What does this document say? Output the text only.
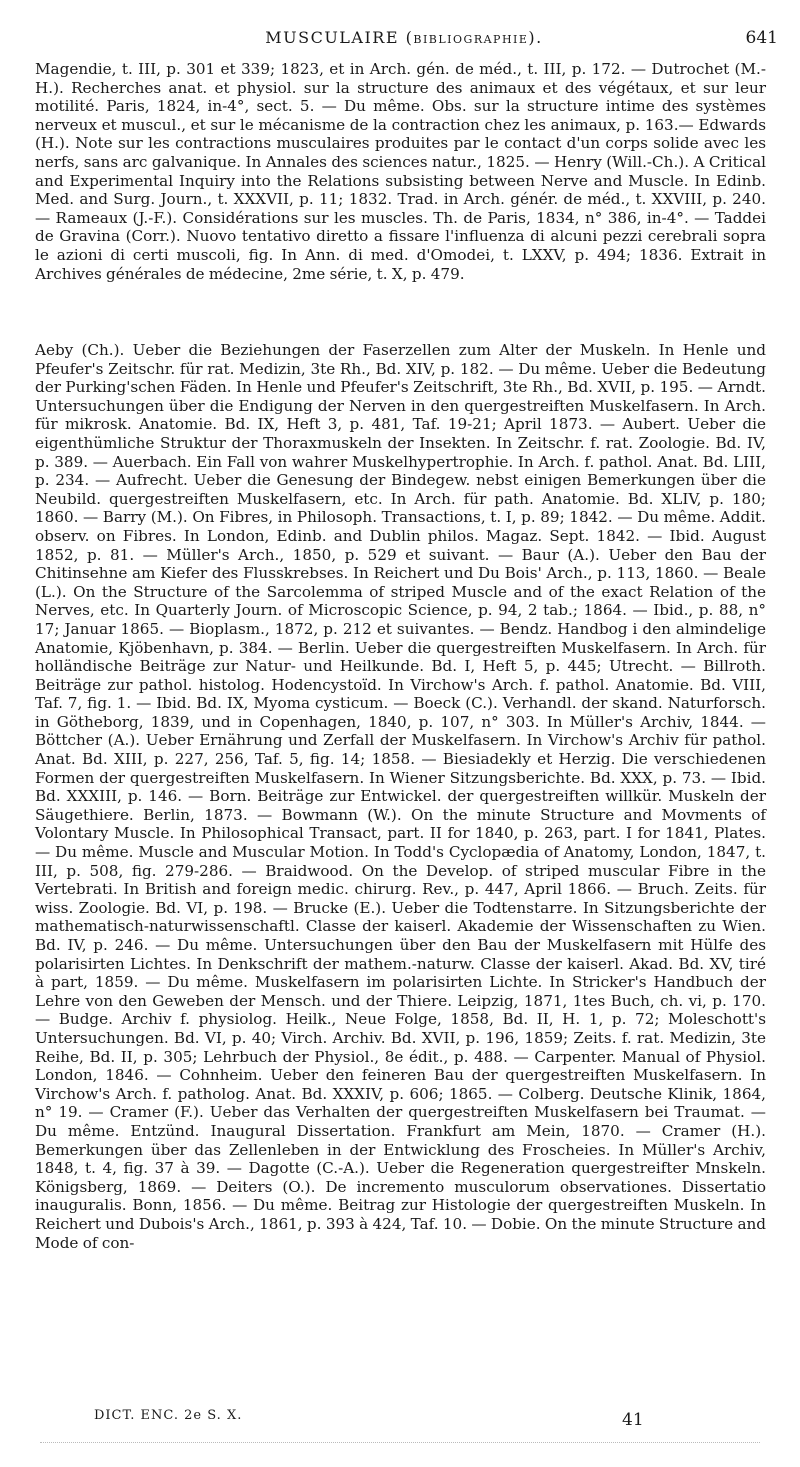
MUSCULAIRE (BIBLIOGRAPHIE).	641
Magendie, t. III, p. 301 et 339; 1823, et in Arch. gén. de méd., t. III, p. 172. — Dutrochet (M.-H.). Recherches anat. et physiol. sur la structure des animaux et des végétaux, et sur leur motilité. Paris, 1824, in-4°, sect. 5. — Du même. Obs. sur la structure intime des systèmes nerveux et muscul., et sur le mécanisme de la contraction chez les animaux, p. 163.— Edwards (H.). Note sur les contractions musculaires produites par le contact d'un corps solide avec les nerfs, sans arc galvanique. In Annales des sciences natur., 1825. — Henry (Will.-Ch.). A Critical and Experimental Inquiry into the Relations subsisting between Nerve and Muscle. In Edinb. Med. and Surg. Journ., t. XXXVII, p. 11; 1832. Trad. in Arch. génér. de méd., t. XXVIII, p. 240. — Rameaux (J.-F.). Considérations sur les muscles. Th. de Paris, 1834, n° 386, in-4°. — Taddei de Gravina (Corr.). Nuovo tentativo diretto a fissare l'influenza di alcuni pezzi cerebrali sopra le azioni di certi muscoli, fig. In Ann. di med. d'Omodei, t. LXXV, p. 494; 1836. Extrait in Archives générales de médecine, 2me série, t. X, p. 479.
Aeby (Ch.). Ueber die Beziehungen der Faserzellen zum Alter der Muskeln. In Henle und Pfeufer's Zeitschr. für rat. Medizin, 3te Rh., Bd. XIV, p. 182. — Du même. Ueber die Bedeutung der Purking'schen Fäden. In Henle und Pfeufer's Zeitschrift, 3te Rh., Bd. XVII, p. 195. — Arndt. Untersuchungen über die Endigung der Nerven in den quergestreiften Muskelfasern. In Arch. für mikrosk. Anatomie. Bd. IX, Heft 3, p. 481, Taf. 19-21; April 1873. — Aubert. Ueber die eigenthümliche Struktur der Thoraxmuskeln der Insekten. In Zeitschr. f. rat. Zoologie. Bd. IV, p. 389. — Auerbach. Ein Fall von wahrer Muskelhypertrophie. In Arch. f. pathol. Anat. Bd. LIII, p. 234. — Aufrecht. Ueber die Genesung der Bindegew. nebst einigen Bemerkungen über die Neubild. quergestreiften Muskelfasern, etc. In Arch. für path. Anatomie. Bd. XLIV, p. 180; 1860. — Barry (M.). On Fibres, in Philosoph. Transactions, t. I, p. 89; 1842. — Du même. Addit. observ. on Fibres. In London, Edinb. and Dublin philos. Magaz. Sept. 1842. — Ibid. August 1852, p. 81. — Müller's Arch., 1850, p. 529 et suivant. — Baur (A.). Ueber den Bau der Chitinsehne am Kiefer des Flusskrebses. In Reichert und Du Bois' Arch., p. 113, 1860. — Beale (L.). On the Structure of the Sarcolemma of striped Muscle and of the exact Relation of the Nerves, etc. In Quarterly Journ. of Microscopic Science, p. 94, 2 tab.; 1864. — Ibid., p. 88, n° 17; Januar 1865. — Bioplasm., 1872, p. 212 et suivantes. — Bendz. Handbog i den almindelige Anatomie, Kjöbenhavn, p. 384. — Berlin. Ueber die quergestreiften Muskelfasern. In Arch. für holländische Beiträge zur Natur- und Heilkunde. Bd. I, Heft 5, p. 445; Utrecht. — Billroth. Beiträge zur pathol. histolog. Hodencystoïd. In Virchow's Arch. f. pathol. Anatomie. Bd. VIII, Taf. 7, fig. 1. — Ibid. Bd. IX, Myoma cysticum. — Boeck (C.). Verhandl. der skand. Naturforsch. in Götheborg, 1839, und in Copenhagen, 1840, p. 107, n° 303. In Müller's Archiv, 1844. — Böttcher (A.). Ueber Ernährung und Zerfall der Muskelfasern. In Virchow's Archiv für pathol. Anat. Bd. XIII, p. 227, 256, Taf. 5, fig. 14; 1858. — Biesiadekly et Herzig. Die verschiedenen Formen der quergestreiften Muskelfasern. In Wiener Sitzungsberichte. Bd. XXX, p. 73. — Ibid. Bd. XXXIII, p. 146. — Born. Beiträge zur Entwickel. der quergestreiften willkür. Muskeln der Säugethiere. Berlin, 1873. — Bowmann (W.). On the minute Structure and Movments of Volontary Muscle. In Philosophical Transact, part. II for 1840, p. 263, part. I for 1841, Plates. — Du même. Muscle and Muscular Motion. In Todd's Cyclopædia of Anatomy, London, 1847, t. III, p. 508, fig. 279-286. — Braidwood. On the Develop. of striped muscular Fibre in the Vertebrati. In British and foreign medic. chirurg. Rev., p. 447, April 1866. — Bruch. Zeits. für wiss. Zoologie. Bd. VI, p. 198. — Brucke (E.). Ueber die Todtenstarre. In Sitzungsberichte der mathematisch-naturwissenschaftl. Classe der kaiserl. Akademie der Wissenschaften zu Wien. Bd. IV, p. 246. — Du même. Untersuchungen über den Bau der Muskelfasern mit Hülfe des polarisirten Lichtes. In Denkschrift der mathem.-naturw. Classe der kaiserl. Akad. Bd. XV, tiré à part, 1859. — Du même. Muskelfasern im polarisirten Lichte. In Stricker's Handbuch der Lehre von den Geweben der Mensch. und der Thiere. Leipzig, 1871, 1tes Buch, ch. vi, p. 170. — Budge. Archiv f. physiolog. Heilk., Neue Folge, 1858, Bd. II, H. 1, p. 72; Moleschott's Untersuchungen. Bd. VI, p. 40; Virch. Archiv. Bd. XVII, p. 196, 1859; Zeits. f. rat. Medizin, 3te Reihe, Bd. II, p. 305; Lehrbuch der Physiol., 8e édit., p. 488. — Carpenter. Manual of Physiol. London, 1846. — Cohnheim. Ueber den feineren Bau der quergestreiften Muskelfasern. In Virchow's Arch. f. patholog. Anat. Bd. XXXIV, p. 606; 1865. — Colberg. Deutsche Klinik, 1864, n° 19. — Cramer (F.). Ueber das Verhalten der quergestreiften Muskelfasern bei Traumat. — Du même. Entzünd. Inaugural Dissertation. Frankfurt am Mein, 1870. — Cramer (H.). Bemerkungen über das Zellenleben in der Entwicklung des Froscheies. In Müller's Archiv, 1848, t. 4, fig. 37 à 39. — Dagotte (C.-A.). Ueber die Regeneration quergestreifter Mnskeln. Königsberg, 1869. — Deiters (O.). De incremento musculorum observationes. Dissertatio inauguralis. Bonn, 1856. — Du même. Beitrag zur Histologie der quergestreiften Muskeln. In Reichert und Dubois's Arch., 1861, p. 393 à 424, Taf. 10. — Dobie. On the minute Structure and Mode of con-
DICT. ENC. 2e S. X.	41
